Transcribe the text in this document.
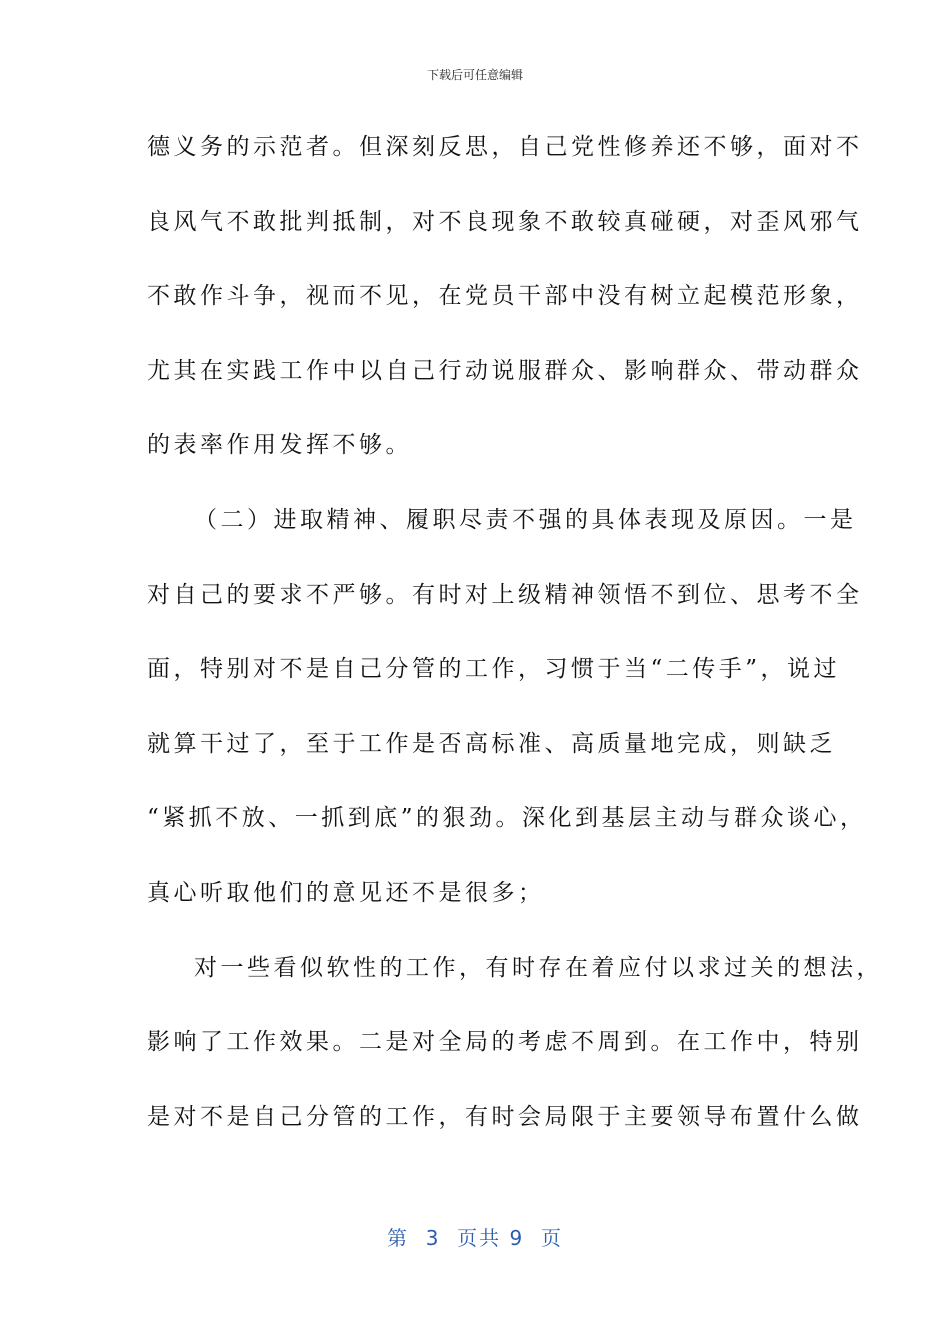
下载后可任意编辑
德义务的示范者。但深刻反思，自己党性修养还不够，面对不
良风气不敢批判抵制，对不良现象不敢较真碰硬，对歪风邪气
不敢作斗争，视而不见，在党员干部中没有树立起模范形象，
尤其在实践工作中以自己行动说服群众、影响群众、带动群众
的表率作用发挥不够。
（二）进取精神、履职尽责不强的具体表现及原因。一是
对自己的要求不严够。有时对上级精神领悟不到位、思考不全
面，特别对不是自己分管的工作，习惯于当“二传手”，说过
就算干过了，至于工作是否高标准、高质量地完成，则缺乏
“紧抓不放、一抓到底”的狠劲。深化到基层主动与群众谈心，
真心听取他们的意见还不是很多；
对一些看似软性的工作，有时存在着应付以求过关的想法，
影响了工作效果。二是对全局的考虑不周到。在工作中，特别
是对不是自己分管的工作，有时会局限于主要领导布置什么做
第  3  页共 9  页
